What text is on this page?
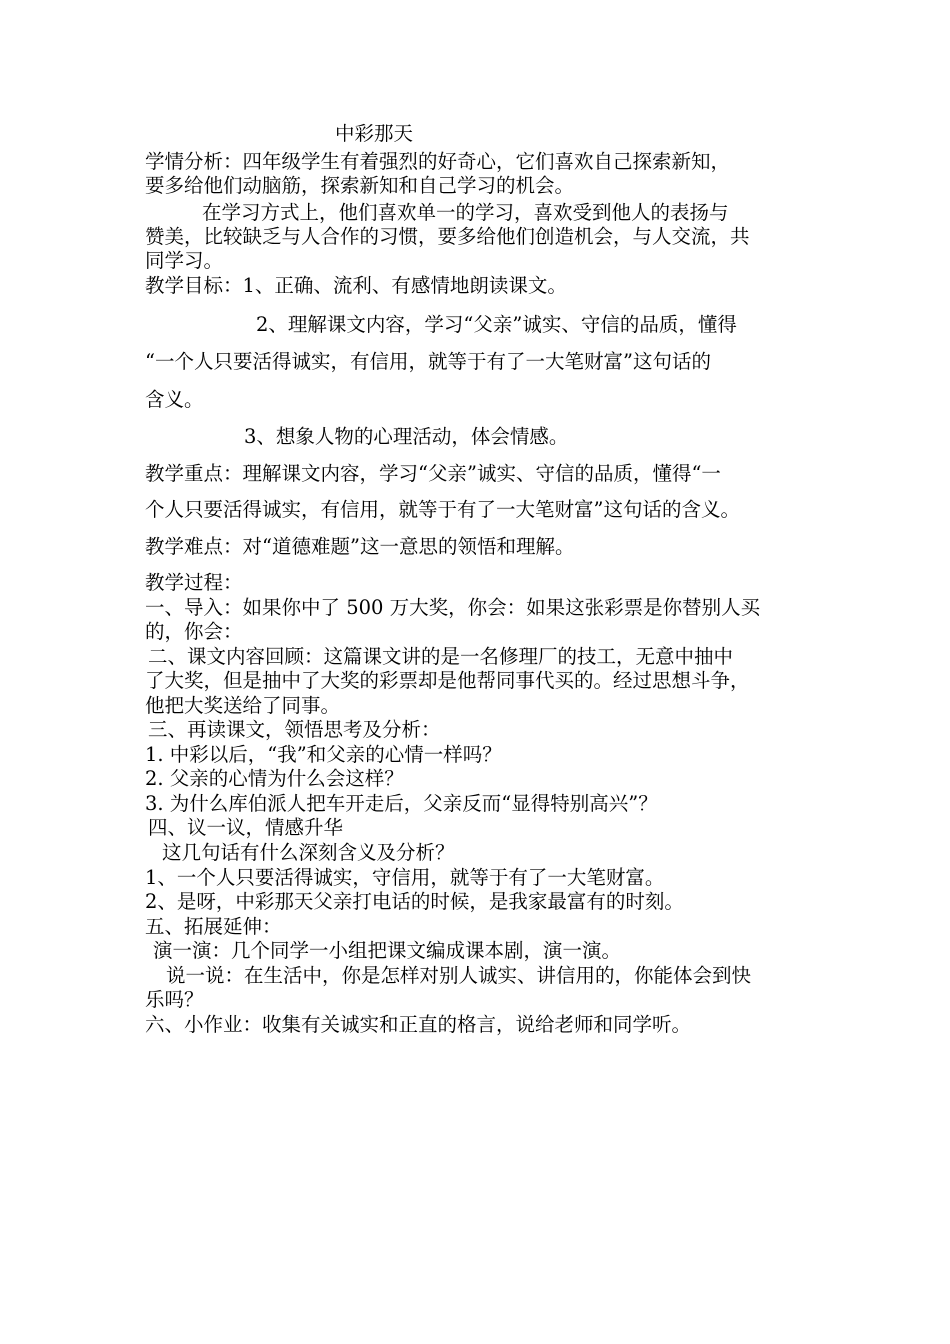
中彩那天

学情分析：四年级学生有着强烈的好奇心，它们喜欢自己探索新知，

要多给他们动脑筋，探索新知和自己学习的机会。

在学习方式上，他们喜欢单一的学习，喜欢受到他人的表扬与

赞美，比较缺乏与人合作的习惯，要多给他们创造机会，与人交流，共

同学习。

教学目标：1、正确、流利、有感情地朗读课文。

2、理解课文内容，学习“父亲”诚实、守信的品质，懂得

“一个人只要活得诚实，有信用，就等于有了一大笔财富”这句话的

含义。

3、想象人物的心理活动，体会情感。

教学重点：理解课文内容，学习“父亲”诚实、守信的品质，懂得“一

个人只要活得诚实，有信用，就等于有了一大笔财富”这句话的含义。

教学难点：对“道德难题”这一意思的领悟和理解。

教学过程：

一、导入：如果你中了 500 万大奖，你会：如果这张彩票是你替别人买

的，你会：

二、课文内容回顾：这篇课文讲的是一名修理厂的技工，无意中抽中

了大奖，但是抽中了大奖的彩票却是他帮同事代买的。经过思想斗争，

他把大奖送给了同事。

三、再读课文，领悟思考及分析：

1. 中彩以后，“我”和父亲的心情一样吗？

2. 父亲的心情为什么会这样？

3. 为什么库伯派人把车开走后，父亲反而“显得特别高兴”？

四、议一议，情感升华

这几句话有什么深刻含义及分析？

1、一个人只要活得诚实，守信用，就等于有了一大笔财富。

2、是呀，中彩那天父亲打电话的时候，是我家最富有的时刻。

五、拓展延伸：

演一演：几个同学一小组把课文编成课本剧，演一演。

说一说：在生活中，你是怎样对别人诚实、讲信用的，你能体会到快

乐吗？

六、小作业：收集有关诚实和正直的格言，说给老师和同学听。
